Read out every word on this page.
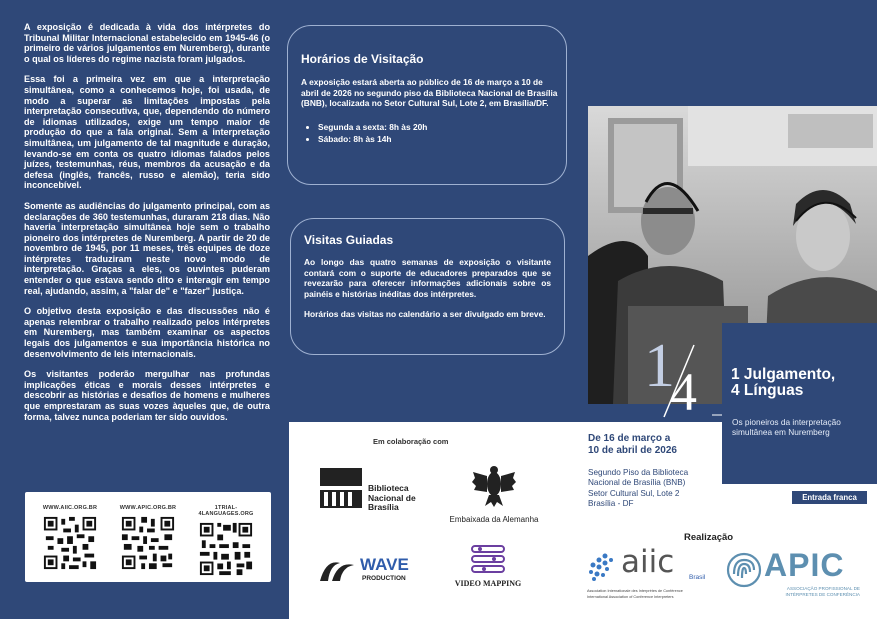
A exposição é dedicada à vida dos intérpretes do Tribunal Militar Internacional estabelecido em 1945-46 (o primeiro de vários julgamentos em Nuremberg), durante o qual os líderes do regime nazista foram julgados.

Essa foi a primeira vez em que a interpretação simultânea, como a conhecemos hoje, foi usada, de modo a superar as limitações impostas pela interpretação consecutiva, que, dependendo do número de idiomas utilizados, exige um tempo maior de produção do que a fala original. Sem a interpretação simultânea, um julgamento de tal magnitude e duração, levando-se em conta os quatro idiomas falados pelos juízes, testemunhas, réus, membros da acusação e da defesa (inglês, francês, russo e alemão), teria sido inconcebível.

Somente as audiências do julgamento principal, com as declarações de 360 testemunhas, duraram 218 dias. Não haveria interpretação simultânea hoje sem o trabalho pioneiro dos intérpretes de Nuremberg. A partir de 20 de novembro de 1945, por 11 meses, três equipes de doze intérpretes traduziram neste novo modo de interpretação. Graças a eles, os ouvintes puderam entender o que estava sendo dito e interagir em tempo real, ajudando, assim, a "falar de" e "fazer" justiça.

O objetivo desta exposição e das discussões não é apenas relembrar o trabalho realizado pelos intérpretes em Nuremberg, mas também examinar os aspectos legais dos julgamentos e sua importância histórica no desenvolvimento de leis internacionais.

Os visitantes poderão mergulhar nas profundas implicações éticas e morais desses intérpretes e descobrir as histórias e desafios de homens e mulheres que emprestaram as suas vozes àqueles que, de outra forma, talvez nunca poderiam ter sido ouvidos.

WWW.AIIC.ORG.BR	WWW.APIC.ORG.BR	1TRIAL-4LANGUAGES.ORG
Horários de Visitação

A exposição estará aberta ao público de 16 de março a 10 de abril de 2026 no segundo piso da Biblioteca Nacional de Brasília (BNB), localizada no Setor Cultural Sul, Lote 2, em Brasília/DF.

• Segunda a sexta: 8h às 20h
• Sábado: 8h às 14h
Visitas Guiadas

Ao longo das quatro semanas de exposição o visitante contará com o suporte de educadores preparados que se revezarão para oferecer informações adicionais sobre os painéis e histórias inéditas dos intérpretes.

Horários das visitas no calendário a ser divulgado em breve.

1 Julgamento,
4 Línguas
Os pioneiros da interpretação simultânea em Nuremberg
1
4
Em colaboração com
Biblioteca
Nacional de
Brasília
Embaixada da Alemanha
WAVE
PRODUCTION
VIDEO MAPPING
De 16 de março a
10 de abril de 2026
Segundo Piso da Biblioteca
Nacional de Brasília (BNB)
Setor Cultural Sul, Lote 2
Brasília - DF
Entrada franca
Realização
aiic Brasil
Association Internationale des Interprètes de Conférence
International Association of Conference Interpreters
APIC
ASSOCIAÇÃO PROFISSIONAL DE
INTÉRPRETES DE CONFERÊNCIA
